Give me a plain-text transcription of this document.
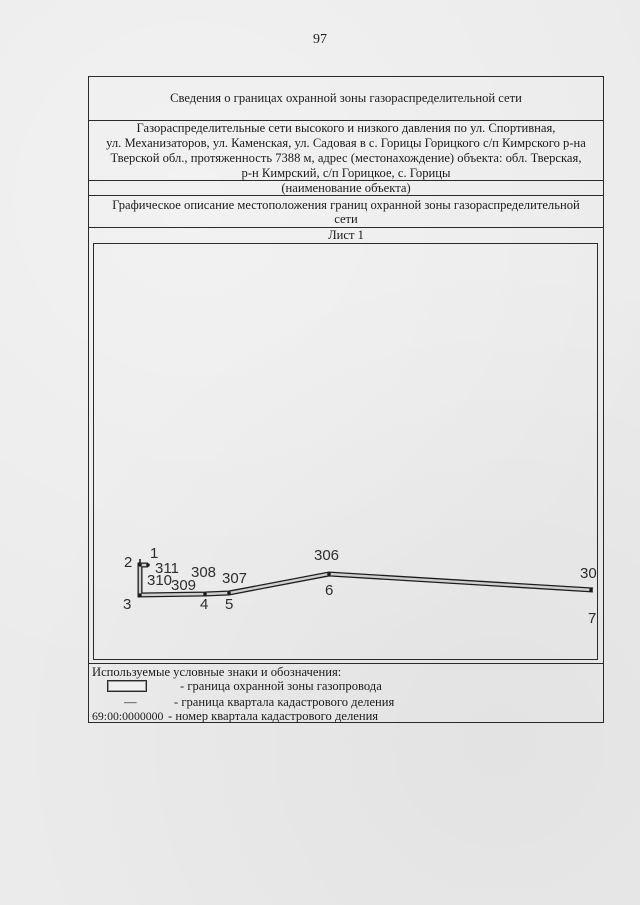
97
Сведения о границах охранной зоны газораспределительной сети
Газораспределительные сети высокого и низкого давления по ул. Спортивная,
ул. Механизаторов, ул. Каменская, ул. Садовая в с. Горицы Горицкого с/п Кимрского р-на
Тверской обл., протяженность 7388 м, адрес (местонахождение) объекта: обл. Тверская,
р-н Кимрский, с/п Горицкое, с. Горицы
(наименование объекта)
Графическое описание местоположения границ охранной зоны газораспределительной
сети
Лист 1
1
2 311
310
309
308 307
3	4 5
306
6
30
7
Используемые условные знаки и обозначения:
- граница охранной зоны газопровода
—	- граница квартала кадастрового деления
69:00:0000000 - номер квартала кадастрового деления
